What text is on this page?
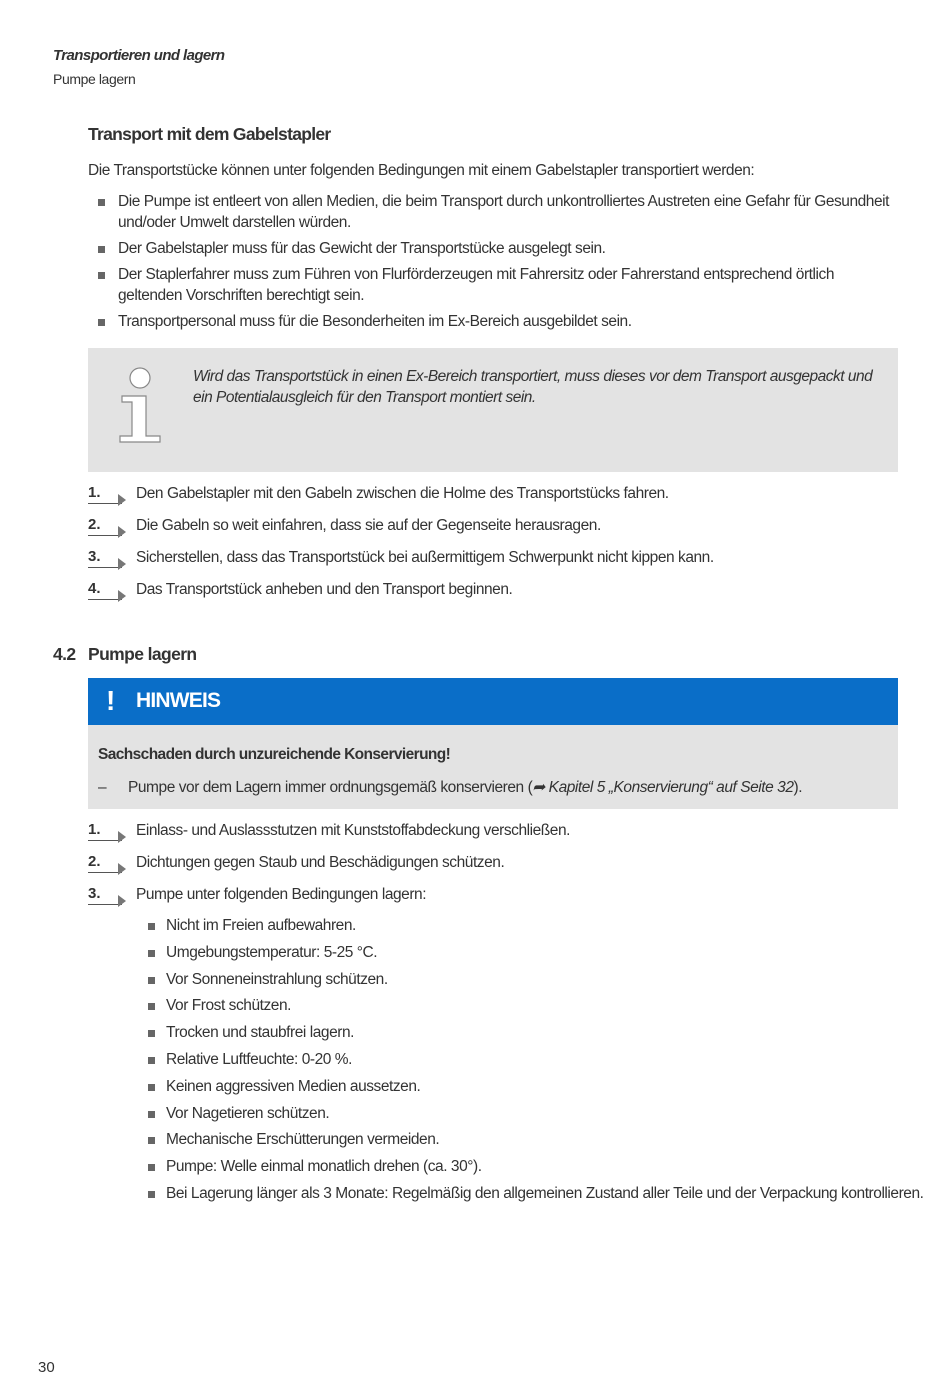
Transportieren und lagern
Pumpe lagern
Transport mit dem Gabelstapler
Die Transportstücke können unter folgenden Bedingungen mit einem Gabelstapler transportiert werden:
Die Pumpe ist entleert von allen Medien, die beim Transport durch unkontrolliertes Austreten eine Gefahr für Gesundheit und/oder Umwelt darstellen würden.
Der Gabelstapler muss für das Gewicht der Transportstücke ausgelegt sein.
Der Staplerfahrer muss zum Führen von Flurförderzeugen mit Fahrersitz oder Fahrerstand entsprechend örtlich geltenden Vorschriften berechtigt sein.
Transportpersonal muss für die Besonderheiten im Ex-Bereich ausgebildet sein.
Wird das Transportstück in einen Ex-Bereich transportiert, muss dieses vor dem Transport ausgepackt und ein Potentialausgleich für den Transport montiert sein.
1.	Den Gabelstapler mit den Gabeln zwischen die Holme des Transportstücks fahren.
2.	Die Gabeln so weit einfahren, dass sie auf der Gegenseite herausragen.
3.	Sicherstellen, dass das Transportstück bei außermittigem Schwerpunkt nicht kippen kann.
4.	Das Transportstück anheben und den Transport beginnen.
4.2 Pumpe lagern
! HINWEIS
Sachschaden durch unzureichende Konservierung!
– Pumpe vor dem Lagern immer ordnungsgemäß konservieren (➦ Kapitel 5 „Konservierung“ auf Seite 32).
1.	Einlass- und Auslassstutzen mit Kunststoffabdeckung verschließen.
2.	Dichtungen gegen Staub und Beschädigungen schützen.
3.	Pumpe unter folgenden Bedingungen lagern:
Nicht im Freien aufbewahren.
Umgebungstemperatur: 5-25 °C.
Vor Sonneneinstrahlung schützen.
Vor Frost schützen.
Trocken und staubfrei lagern.
Relative Luftfeuchte: 0-20 %.
Keinen aggressiven Medien aussetzen.
Vor Nagetieren schützen.
Mechanische Erschütterungen vermeiden.
Pumpe: Welle einmal monatlich drehen (ca. 30°).
Bei Lagerung länger als 3 Monate: Regelmäßig den allgemeinen Zustand aller Teile und der Verpackung kontrollieren.
30
